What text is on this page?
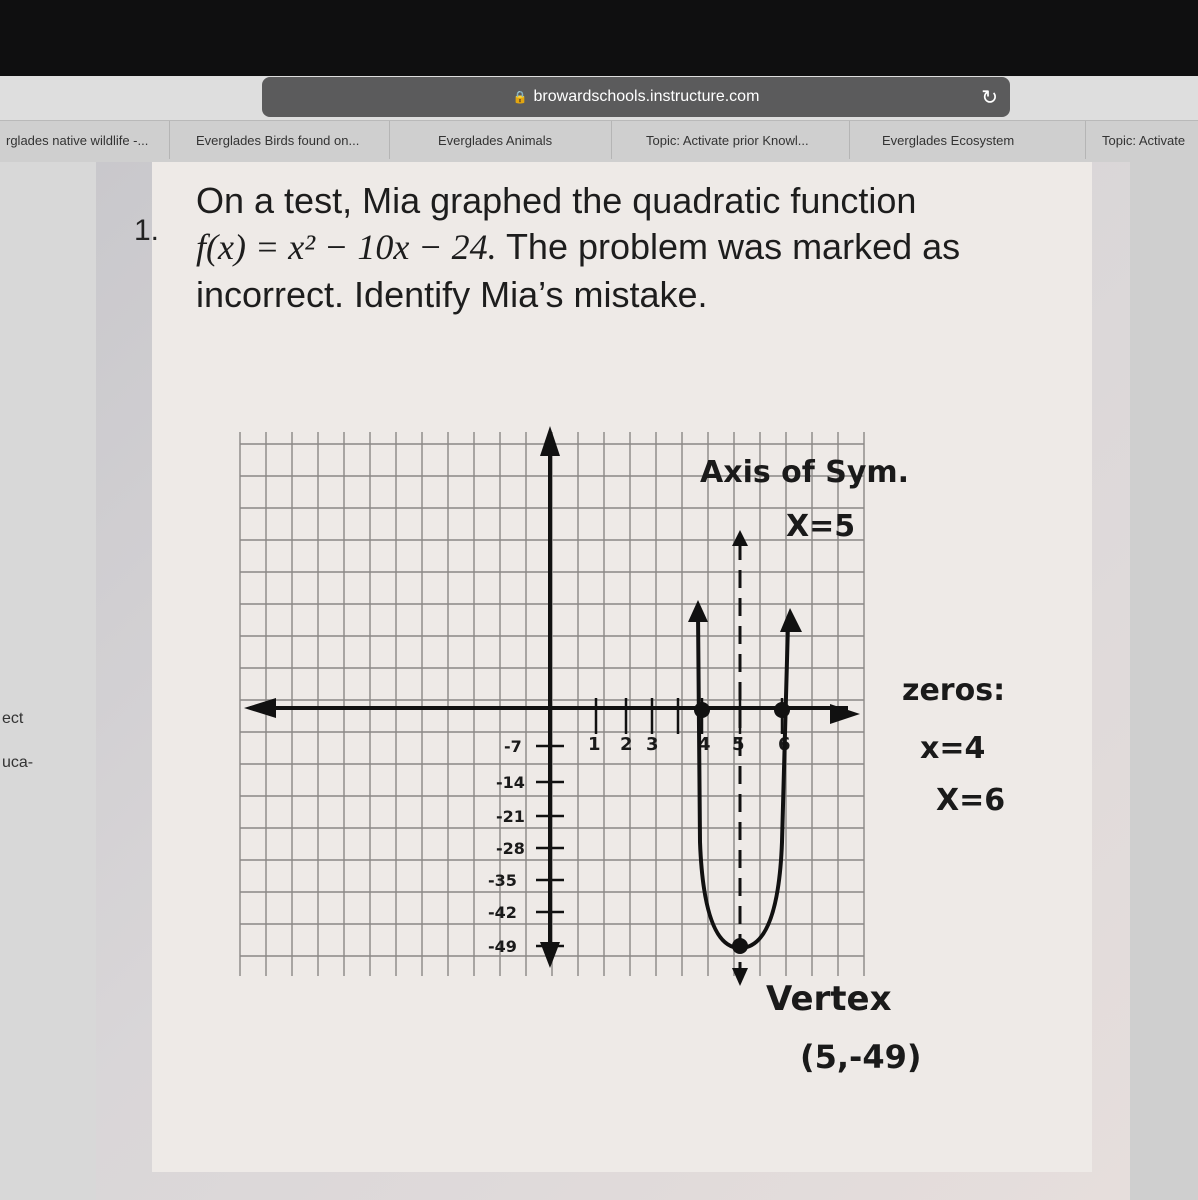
🔒 browardschools.instructure.com	↻
rglades native wildlife -...	Everglades Birds found on...	Everglades Animals	Topic: Activate prior Knowl...	Everglades Ecosystem	Topic: Activate
ect
uca-
1.
On a test, Mia graphed the quadratic function
f(x) = x² − 10x − 24. The problem was marked as
incorrect. Identify Mia’s mistake.
1 2 3 4 5 6
-7
-14
-21
-28
-35
-42
-49
Axis of Sym.
X=5
zeros:
x=4
X=6
Vertex
(5,-49)
